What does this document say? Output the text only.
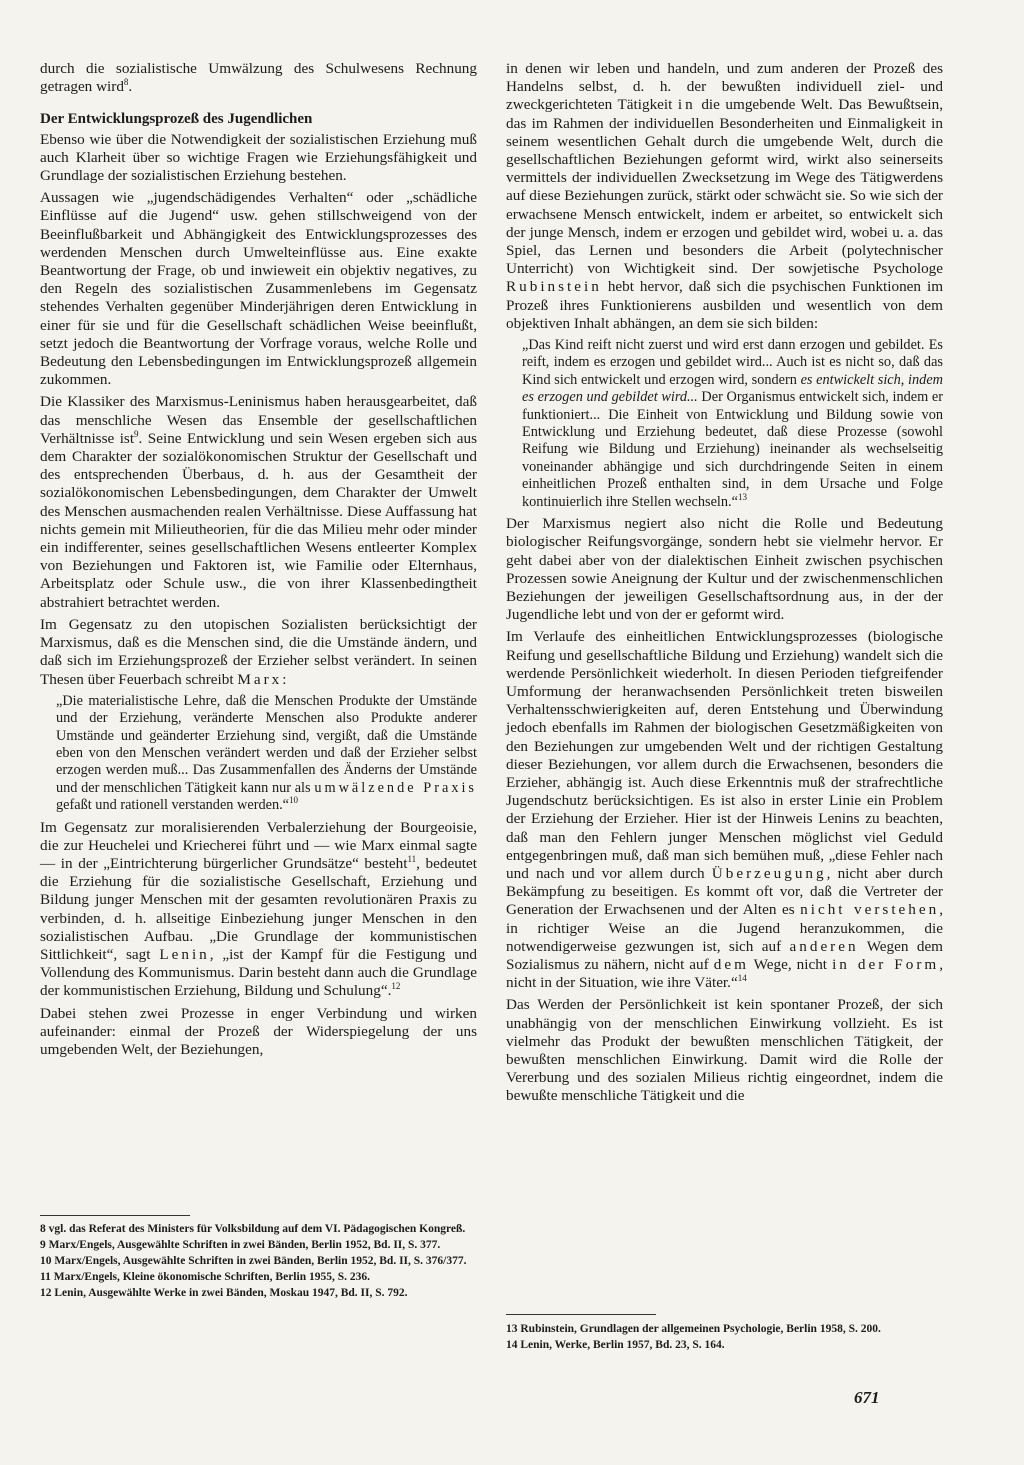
durch die sozialistische Umwälzung des Schulwesens Rechnung getragen wird$^8$.

Der Entwicklungsprozeß des Jugendlichen

Ebenso wie über die Notwendigkeit der sozialistischen Erziehung muß auch Klarheit über so wichtige Fragen wie Erziehungsfähigkeit und Grundlage der sozialistischen Erziehung bestehen.

Aussagen wie „jugendschädigendes Verhalten“ oder „schädliche Einflüsse auf die Jugend“ usw. gehen stillschweigend von der Beeinflußbarkeit und Abhängigkeit des Entwicklungsprozesses des werdenden Menschen durch Umwelteinflüsse aus. Eine exakte Beantwortung der Frage, ob und inwieweit ein objektiv negatives, zu den Regeln des sozialistischen Zusammenlebens im Gegensatz stehendes Verhalten gegenüber Minderjährigen deren Entwicklung in einer für sie und für die Gesellschaft schädlichen Weise beeinflußt, setzt jedoch die Beantwortung der Vorfrage voraus, welche Rolle und Bedeutung den Lebensbedingungen im Entwicklungsprozeß allgemein zukommen.

Die Klassiker des Marxismus-Leninismus haben herausgearbeitet, daß das menschliche Wesen das Ensemble der gesellschaftlichen Verhältnisse ist$^9$. Seine Entwicklung und sein Wesen ergeben sich aus dem Charakter der sozialökonomischen Struktur der Gesellschaft und des entsprechenden Überbaus, d. h. aus der Gesamtheit der sozialökonomischen Lebensbedingungen, dem Charakter der Umwelt des Menschen ausmachenden realen Verhältnisse. Diese Auffassung hat nichts gemein mit Milieutheorien, für die das Milieu mehr oder minder ein indifferenter, seines gesellschaftlichen Wesens entleerter Komplex von Beziehungen und Faktoren ist, wie Familie oder Elternhaus, Arbeitsplatz oder Schule usw., die von ihrer Klassenbedingtheit abstrahiert betrachtet werden.

Im Gegensatz zu den utopischen Sozialisten berücksichtigt der Marxismus, daß es die Menschen sind, die die Umstände ändern, und daß sich im Erziehungsprozeß der Erzieher selbst verändert. In seinen Thesen über Feuerbach schreibt Marx:

„Die materialistische Lehre, daß die Menschen Produkte der Umstände und der Erziehung, veränderte Menschen also Produkte anderer Umstände und geänderter Erziehung sind, vergißt, daß die Umstände eben von den Menschen verändert werden und daß der Erzieher selbst erzogen werden muß... Das Zusammenfallen des Änderns der Umstände und der menschlichen Tätigkeit kann nur als umwälzende Praxis gefaßt und rationell verstanden werden.“$^{10}$

Im Gegensatz zur moralisierenden Verbalerziehung der Bourgeoisie, die zur Heuchelei und Kriecherei führt und — wie Marx einmal sagte — in der „Eintrichterung bürgerlicher Grundsätze“ besteht$^{11}$, bedeutet die Erziehung für die sozialistische Gesellschaft, Erziehung und Bildung junger Menschen mit der gesamten revolutionären Praxis zu verbinden, d. h. allseitige Einbeziehung junger Menschen in den sozialistischen Aufbau. „Die Grundlage der kommunistischen Sittlichkeit“, sagt Lenin, „ist der Kampf für die Festigung und Vollendung des Kommunismus. Darin besteht dann auch die Grundlage der kommunistischen Erziehung, Bildung und Schulung“.$^{12}$

Dabei stehen zwei Prozesse in enger Verbindung und wirken aufeinander: einmal der Prozeß der Widerspiegelung der uns umgebenden Welt, der Beziehungen,

in denen wir leben und handeln, und zum anderen der Prozeß des Handelns selbst, d. h. der bewußten individuell ziel- und zweckgerichteten Tätigkeit in die umgebende Welt. Das Bewußtsein, das im Rahmen der individuellen Besonderheiten und Einmaligkeit in seinem wesentlichen Gehalt durch die umgebende Welt, durch die gesellschaftlichen Beziehungen geformt wird, wirkt also seinerseits vermittels der individuellen Zwecksetzung im Wege des Tätigwerdens auf diese Beziehungen zurück, stärkt oder schwächt sie. So wie sich der erwachsene Mensch entwickelt, indem er arbeitet, so entwickelt sich der junge Mensch, indem er erzogen und gebildet wird, wobei u. a. das Spiel, das Lernen und besonders die Arbeit (polytechnischer Unterricht) von Wichtigkeit sind. Der sowjetische Psychologe Rubinstein hebt hervor, daß sich die psychischen Funktionen im Prozeß ihres Funktionierens ausbilden und wesentlich von dem objektiven Inhalt abhängen, an dem sie sich bilden:

„Das Kind reift nicht zuerst und wird erst dann erzogen und gebildet. Es reift, indem es erzogen und gebildet wird... Auch ist es nicht so, daß das Kind sich entwickelt und erzogen wird, sondern es entwickelt sich, indem es erzogen und gebildet wird... Der Organismus entwickelt sich, indem er funktioniert... Die Einheit von Entwicklung und Bildung sowie von Entwicklung und Erziehung bedeutet, daß diese Prozesse (sowohl Reifung wie Bildung und Erziehung) ineinander als wechselseitig voneinander abhängige und sich durchdringende Seiten in einem einheitlichen Prozeß enthalten sind, in dem Ursache und Folge kontinuierlich ihre Stellen wechseln.“$^{13}$

Der Marxismus negiert also nicht die Rolle und Bedeutung biologischer Reifungsvorgänge, sondern hebt sie vielmehr hervor. Er geht dabei aber von der dialektischen Einheit zwischen psychischen Prozessen sowie Aneignung der Kultur und der zwischenmenschlichen Beziehungen der jeweiligen Gesellschaftsordnung aus, in der der Jugendliche lebt und von der er geformt wird.

Im Verlaufe des einheitlichen Entwicklungsprozesses (biologische Reifung und gesellschaftliche Bildung und Erziehung) wandelt sich die werdende Persönlichkeit wiederholt. In diesen Perioden tiefgreifender Umformung der heranwachsenden Persönlichkeit treten bisweilen Verhaltensschwierigkeiten auf, deren Entstehung und Überwindung jedoch ebenfalls im Rahmen der biologischen Gesetzmäßigkeiten von den Beziehungen zur umgebenden Welt und der richtigen Gestaltung dieser Beziehungen, vor allem durch die Erwachsenen, besonders die Erzieher, abhängig ist. Auch diese Erkenntnis muß der strafrechtliche Jugendschutz berücksichtigen. Es ist also in erster Linie ein Problem der Erziehung der Erzieher. Hier ist der Hinweis Lenins zu beachten, daß man den Fehlern junger Menschen möglichst viel Geduld entgegenbringen muß, daß man sich bemühen muß, „diese Fehler nach und nach und vor allem durch Überzeugung, nicht aber durch Bekämpfung zu beseitigen. Es kommt oft vor, daß die Vertreter der Generation der Erwachsenen und der Alten es nicht verstehen, in richtiger Weise an die Jugend heranzukommen, die notwendigerweise gezwungen ist, sich auf anderen Wegen dem Sozialismus zu nähern, nicht auf dem Wege, nicht in der Form, nicht in der Situation, wie ihre Väter.“$^{14}$

Das Werden der Persönlichkeit ist kein spontaner Prozeß, der sich unabhängig von der menschlichen Einwirkung vollzieht. Es ist vielmehr das Produkt der bewußten menschlichen Tätigkeit, der bewußten menschlichen Einwirkung. Damit wird die Rolle der Vererbung und des sozialen Milieus richtig eingeordnet, indem die bewußte menschliche Tätigkeit und die

8 vgl. das Referat des Ministers für Volksbildung auf dem VI. Pädagogischen Kongreß.
9 Marx/Engels, Ausgewählte Schriften in zwei Bänden, Berlin 1952, Bd. II, S. 377.
10 Marx/Engels, Ausgewählte Schriften in zwei Bänden, Berlin 1952, Bd. II, S. 376/377.
11 Marx/Engels, Kleine ökonomische Schriften, Berlin 1955, S. 236.
12 Lenin, Ausgewählte Werke in zwei Bänden, Moskau 1947, Bd. II, S. 792.
13 Rubinstein, Grundlagen der allgemeinen Psychologie, Berlin 1958, S. 200.
14 Lenin, Werke, Berlin 1957, Bd. 23, S. 164.
671
